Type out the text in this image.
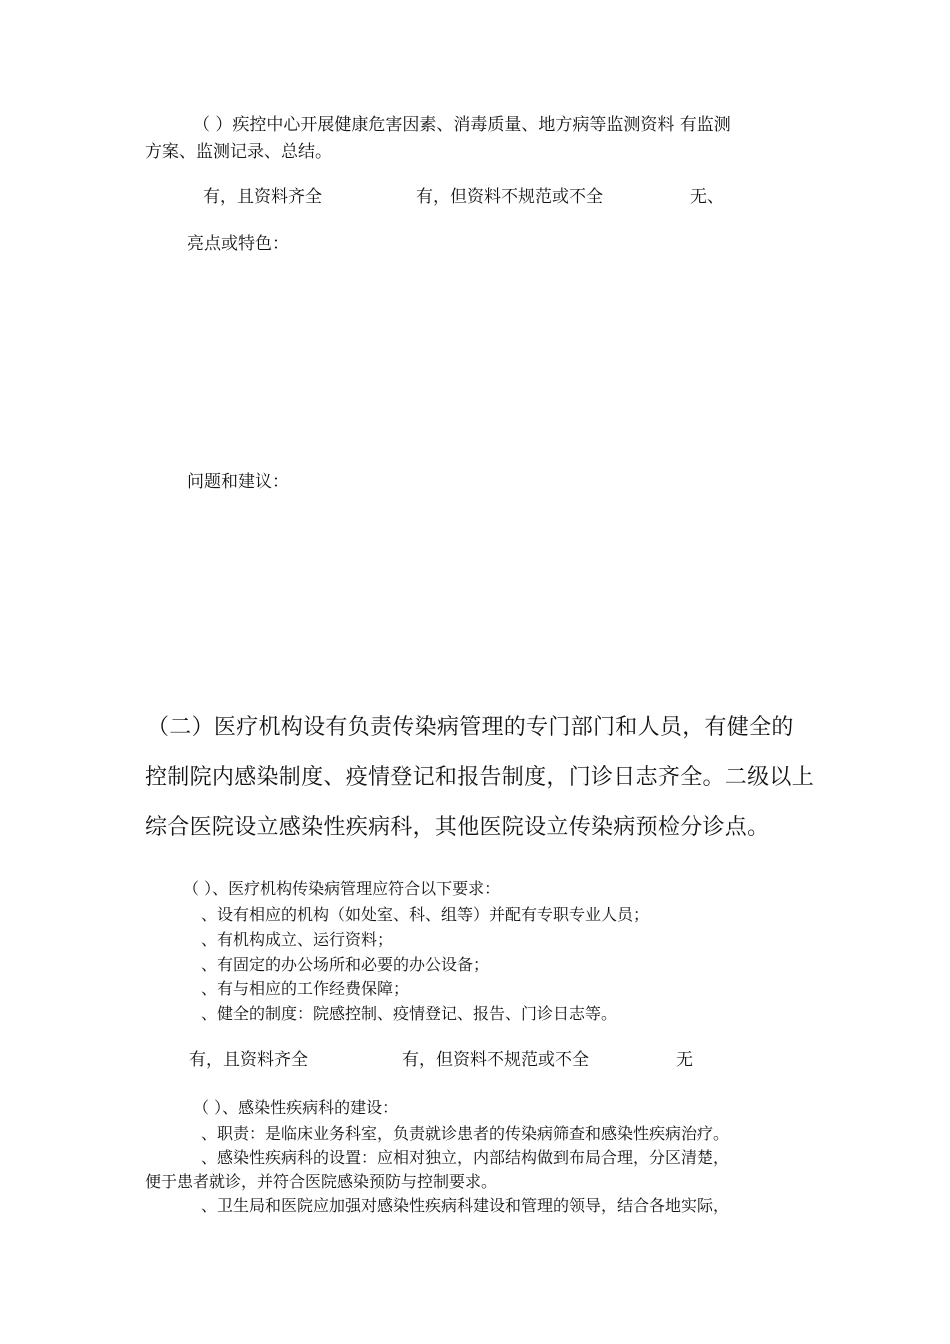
（ ）疾控中心开展健康危害因素、消毒质量、地方病等监测资料 有监测
方案、监测记录、总结。
有，且资料齐全	有，但资料不规范或不全	无、
亮点或特色：
问题和建议：
（二）医疗机构设有负责传染病管理的专门部门和人员，有健全的
控制院内感染制度、疫情登记和报告制度，门诊日志齐全。二级以上
综合医院设立感染性疾病科，其他医院设立传染病预检分诊点。
（ ）、医疗机构传染病管理应符合以下要求：
、设有相应的机构（如处室、科、组等）并配有专职专业人员；
、有机构成立、运行资料；
、有固定的办公场所和必要的办公设备；
、有与相应的工作经费保障；
、健全的制度：院感控制、疫情登记、报告、门诊日志等。
有，且资料齐全	有，但资料不规范或不全	无
（ ）、感染性疾病科的建设：
、职责：是临床业务科室，负责就诊患者的传染病筛查和感染性疾病治疗。
、感染性疾病科的设置：应相对独立，内部结构做到布局合理，分区清楚，
便于患者就诊，并符合医院感染预防与控制要求。
、卫生局和医院应加强对感染性疾病科建设和管理的领导，结合各地实际，
